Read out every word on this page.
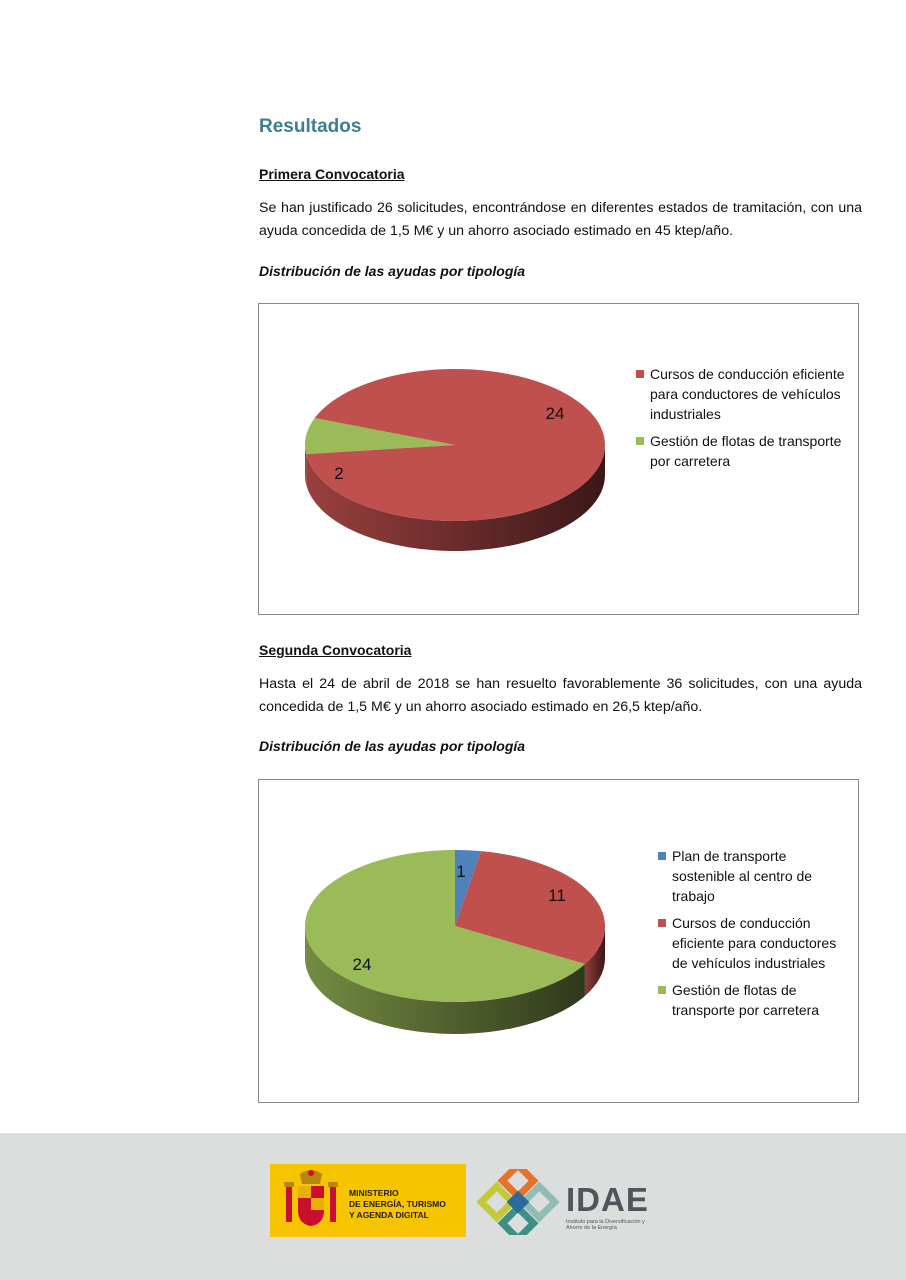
Resultados
Primera Convocatoria

Se han justificado 26 solicitudes, encontrándose en diferentes estados de tramitación, con una ayuda concedida de 1,5 M€ y un ahorro asociado estimado en 45 ktep/año.

Distribución de las ayudas por tipología

24
2
Cursos de conducción eficiente para conductores de vehículos industriales
Gestión de flotas de transporte por carretera
Segunda Convocatoria

Hasta el 24 de abril de 2018 se han resuelto favorablemente 36 solicitudes, con una ayuda concedida de 1,5 M€ y un ahorro asociado estimado en 26,5 ktep/año.

Distribución de las ayudas por tipología

1
11
24
Plan de transporte sostenible al centro de trabajo
Cursos de conducción eficiente para conductores de vehículos industriales
Gestión de flotas de transporte por carretera
MINISTERIO
DE ENERGÍA, TURISMO
Y AGENDA DIGITAL	IDAE
Instituto para la Diversificación y Ahorro de la Energía
